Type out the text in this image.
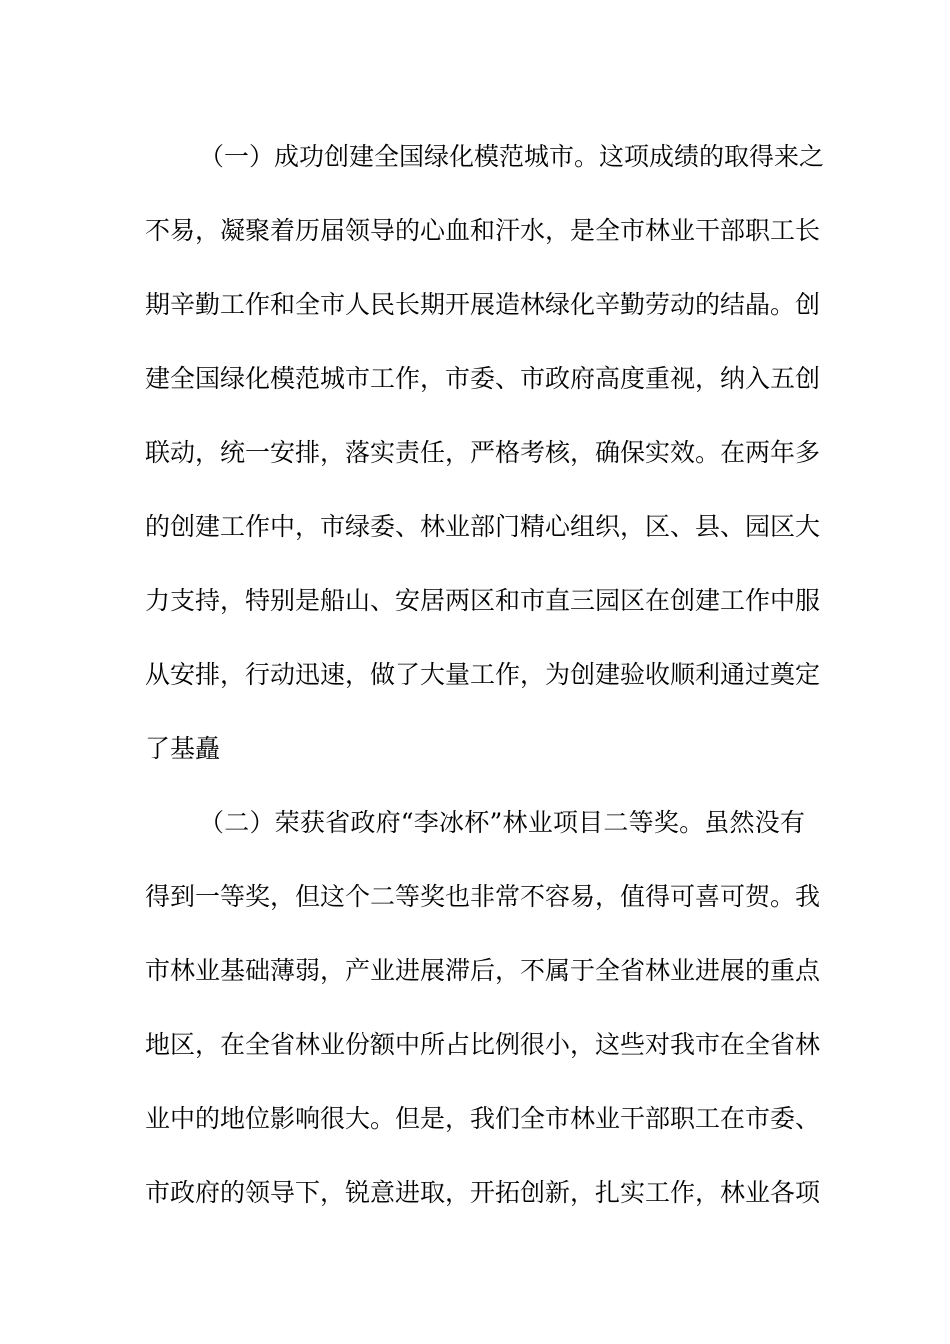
（一）成功创建全国绿化模范城市。这项成绩的取得来之
不易，凝聚着历届领导的心血和汗水，是全市林业干部职工长
期辛勤工作和全市人民长期开展造林绿化辛勤劳动的结晶。创
建全国绿化模范城市工作，市委、市政府高度重视，纳入五创
联动，统一安排，落实责任，严格考核，确保实效。在两年多
的创建工作中，市绿委、林业部门精心组织，区、县、园区大
力支持，特别是船山、安居两区和市直三园区在创建工作中服
从安排，行动迅速，做了大量工作，为创建验收顺利通过奠定
了基矗
（二）荣获省政府“李冰杯”林业项目二等奖。虽然没有
得到一等奖，但这个二等奖也非常不容易，值得可喜可贺。我
市林业基础薄弱，产业进展滞后，不属于全省林业进展的重点
地区，在全省林业份额中所占比例很小，这些对我市在全省林
业中的地位影响很大。但是，我们全市林业干部职工在市委、
市政府的领导下，锐意进取，开拓创新，扎实工作，林业各项
